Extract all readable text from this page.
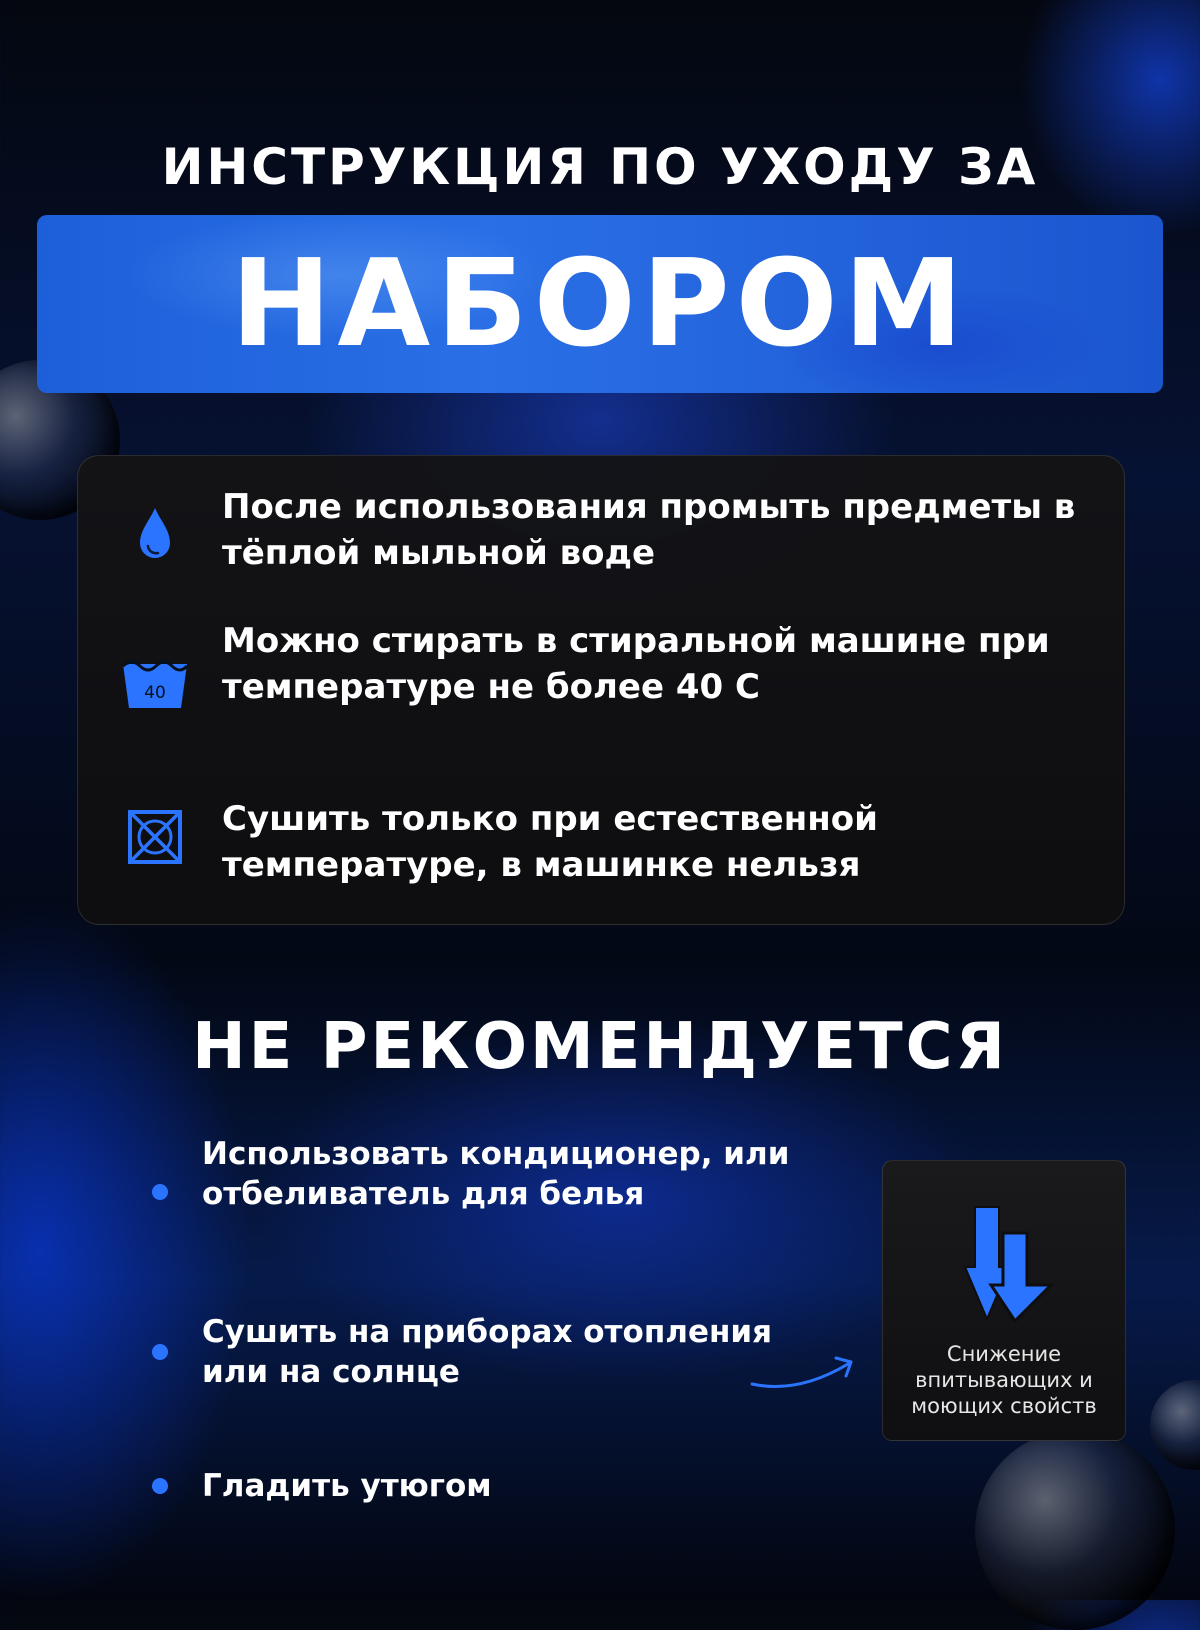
ИНСТРУКЦИЯ ПО УХОДУ ЗА
НАБОРОМ
После использования промыть предметы в тёплой мыльной воде
40
Можно стирать в стиральной машине при температуре не более 40 С
Сушить только при естественной температуре, в машинке нельзя
НЕ РЕКОМЕНДУЕТСЯ
Использовать кондиционер, или отбеливатель для белья
Сушить на приборах отопления или на солнце
Гладить утюгом
Снижение впитывающих и моющих свойств
